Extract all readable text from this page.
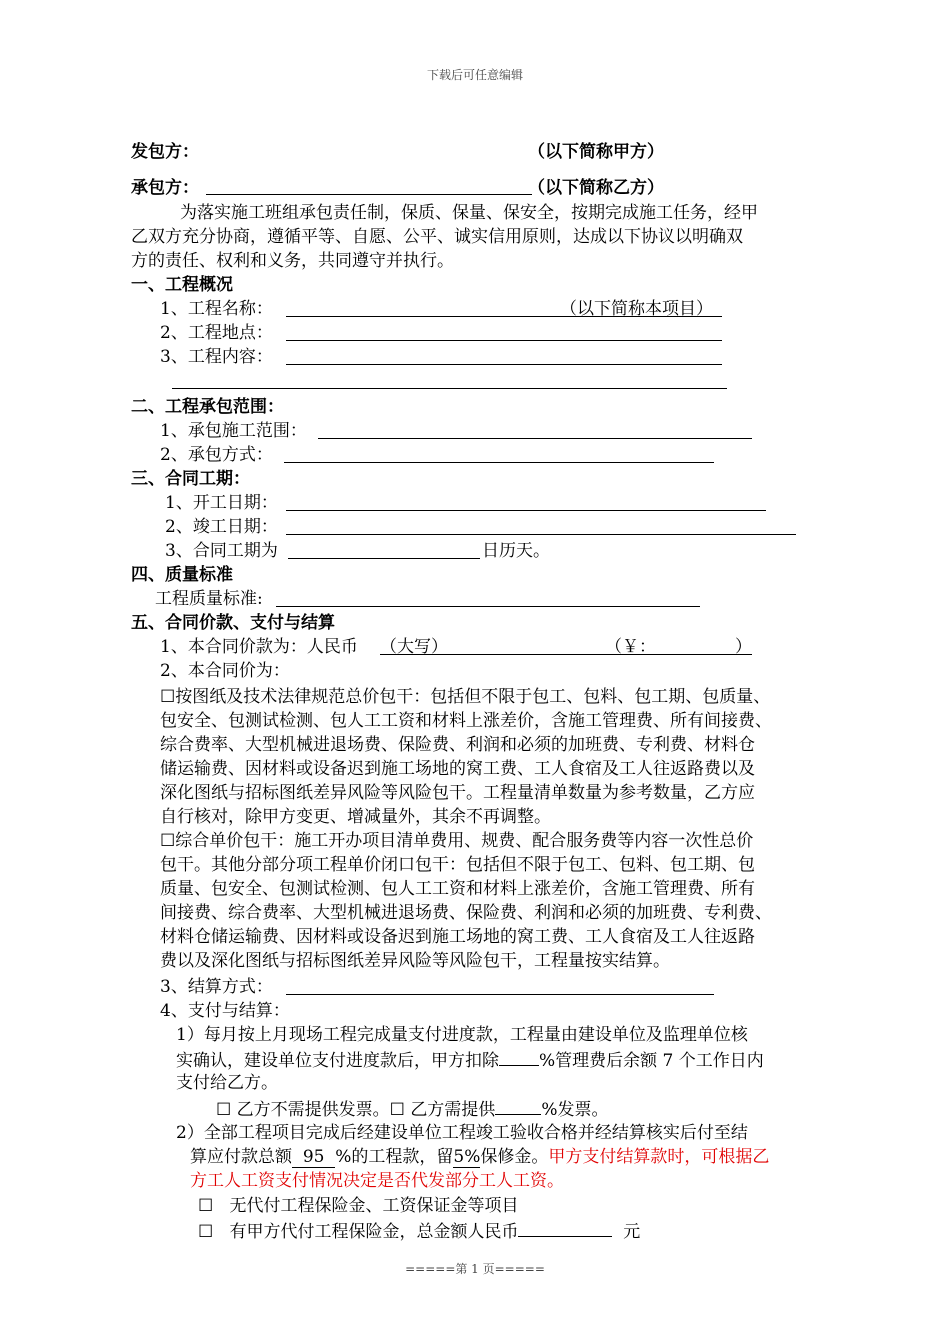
下载后可任意编辑
发包方：	（以下简称甲方）
承包方：	（以下简称乙方）
为落实施工班组承包责任制，保质、保量、保安全，按期完成施工任务，经甲
乙双方充分协商，遵循平等、自愿、公平、诚实信用原则，达成以下协议以明确双
方的责任、权利和义务，共同遵守并执行。
一、工程概况
1、工程名称：	（以下简称本项目）
2、工程地点：
3、工程内容：
二、工程承包范围：
1、承包施工范围：
2、承包方式：
三、合同工期：
1、开工日期：
2、竣工日期：
3、合同工期为	日历天。
四、质量标准
工程质量标准:
五、合同价款、支付与结算
1、本合同价款为：人民币 （大写）	（￥：	）
2、本合同价为：
☐按图纸及技术法律规范总价包干：包括但不限于包工、包料、包工期、包质量、
包安全、包测试检测、包人工工资和材料上涨差价，含施工管理费、所有间接费、
综合费率、大型机械进退场费、保险费、利润和必须的加班费、专利费、材料仓
储运输费、因材料或设备迟到施工场地的窝工费、工人食宿及工人往返路费以及
深化图纸与招标图纸差异风险等风险包干。工程量清单数量为参考数量，乙方应
自行核对，除甲方变更、增减量外，其余不再调整。
☐综合单价包干：施工开办项目清单费用、规费、配合服务费等内容一次性总价
包干。其他分部分项工程单价闭口包干：包括但不限于包工、包料、包工期、包
质量、包安全、包测试检测、包人工工资和材料上涨差价，含施工管理费、所有
间接费、综合费率、大型机械进退场费、保险费、利润和必须的加班费、专利费、
材料仓储运输费、因材料或设备迟到施工场地的窝工费、工人食宿及工人往返路
费以及深化图纸与招标图纸差异风险等风险包干，工程量按实结算。
3、结算方式：
4、支付与结算：
1）每月按上月现场工程完成量支付进度款，工程量由建设单位及监理单位核
实确认，建设单位支付进度款后，甲方扣除 %管理费后余额 7 个工作日内
支付给乙方。
☐ 乙方不需提供发票。☐ 乙方需提供	%发票。
2）全部工程项目完成后经建设单位工程竣工验收合格并经结算核实后付至结
算应付款总额 95 %的工程款，留5%保修金。甲方支付结算款时，可根据乙
方工人工资支付情况决定是否代发部分工人工资。
☐ 无代付工程保险金、工资保证金等项目
☐ 有甲方代付工程保险金，总金额人民币	元
=====第 1 页=====
